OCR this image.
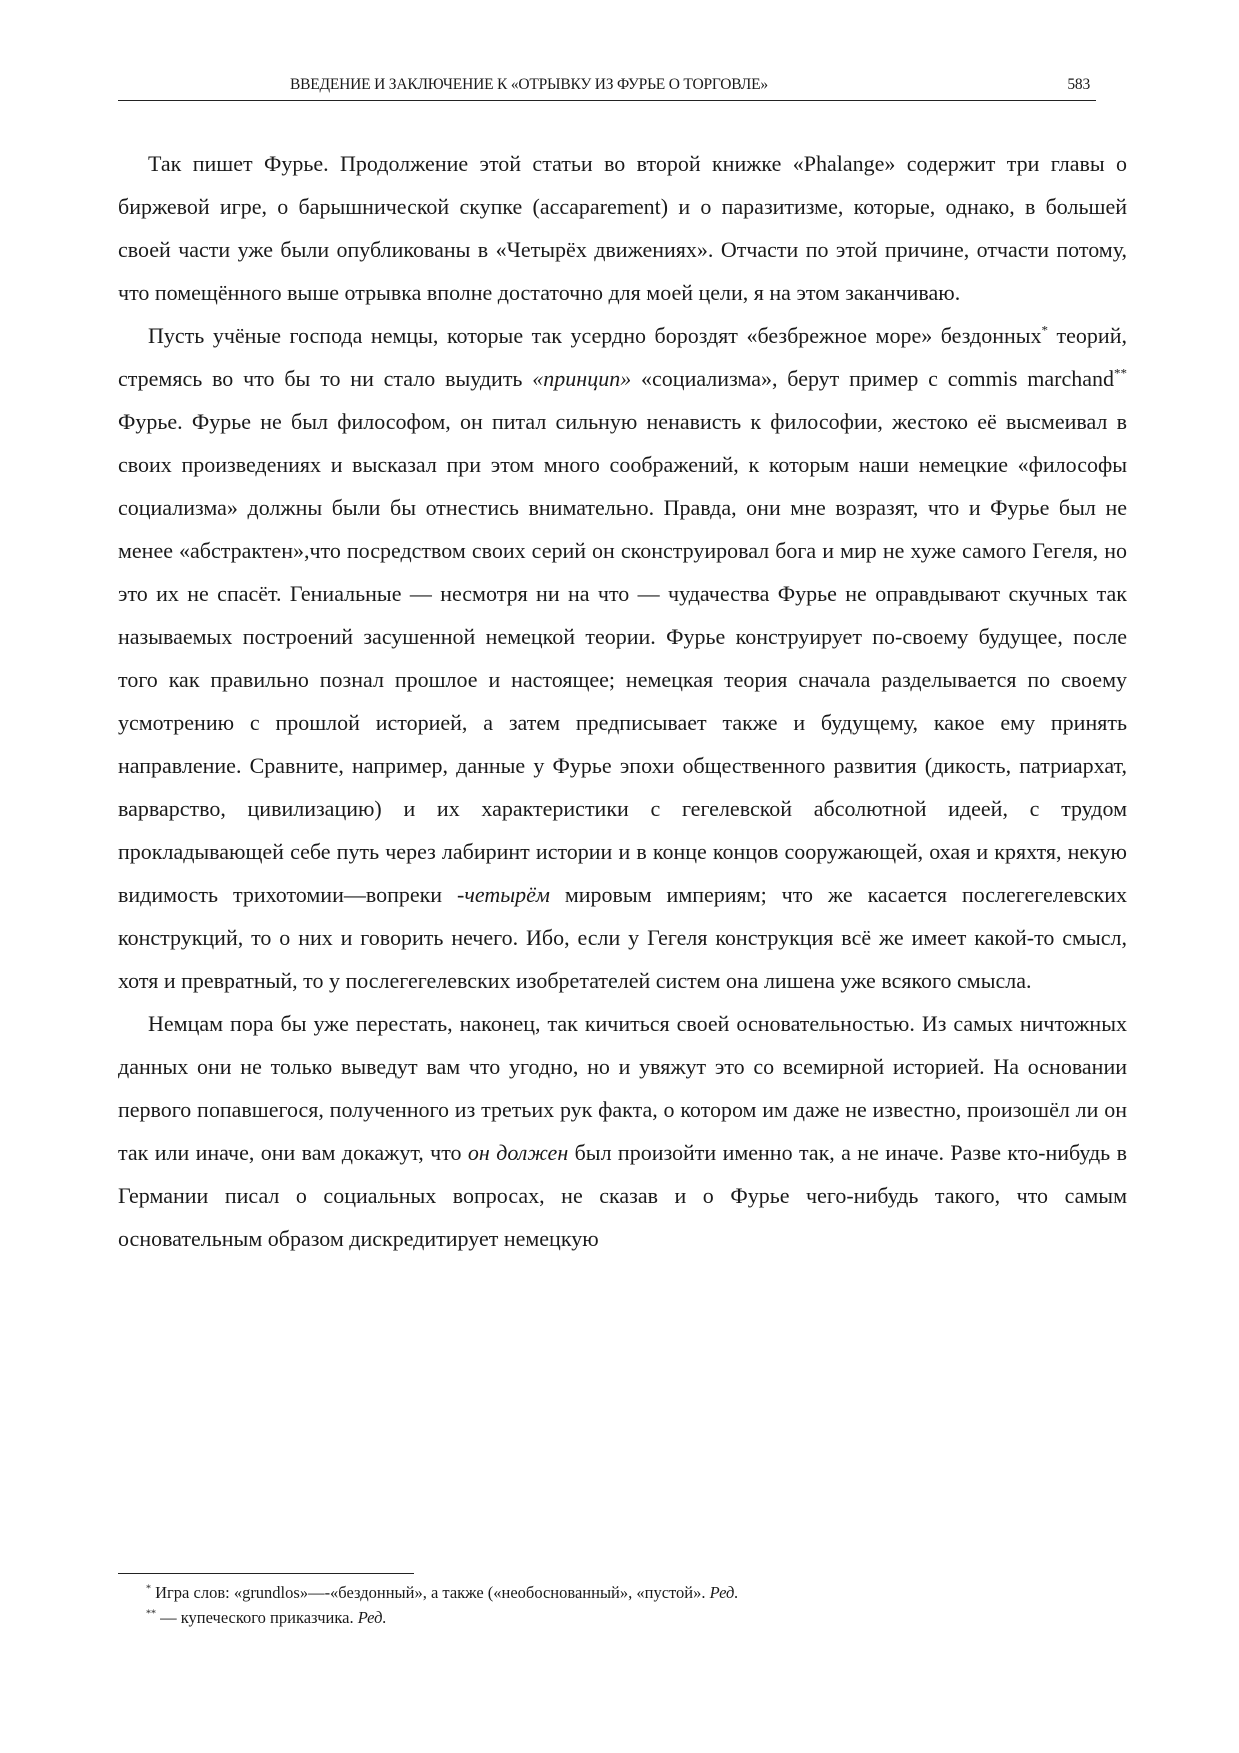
ВВЕДЕНИЕ И ЗАКЛЮЧЕНИЕ К «ОТРЫВКУ ИЗ ФУРЬЕ О ТОРГОВЛЕ»	583

Так пишет Фурье. Продолжение этой статьи во второй книжке «Phalange» содержит три главы о биржевой игре, о барышнической скупке (accaparement) и о паразитизме, которые, однако, в большей своей части уже были опубликованы в «Четырёх движениях». Отчасти по этой причине, отчасти потому, что помещённого выше отрывка вполне достаточно для моей цели, я на этом заканчиваю.

Пусть учёные господа немцы, которые так усердно бороздят «безбрежное море» бездонных* теорий, стремясь во что бы то ни стало выудить «принцип» «социализма», берут пример с commis marchand** Фурье. Фурье не был философом, он питал сильную ненависть к философии, жестоко её высмеивал в своих произведениях и высказал при этом много соображений, к которым наши немецкие «философы социализма» должны были бы отнестись внимательно. Правда, они мне возразят, что и Фурье был не менее «абстрактен»,что посредством своих серий он сконструировал бога и мир не хуже самого Гегеля, но это их не спасёт. Гениальные — несмотря ни на что — чудачества Фурье не оправдывают скучных так называемых построений засушенной немецкой теории. Фурье конструирует по-своему будущее, после того как правильно познал прошлое и настоящее; немецкая теория сначала разделывается по своему усмотрению с прошлой историей, а затем предписывает также и будущему, какое ему принять направление. Сравните, например, данные у Фурье эпохи общественного развития (дикость, патриархат, варварство, цивилизацию) и их характеристики с гегелевской абсолютной идеей, с трудом прокладывающей себе путь через лабиринт истории и в конце концов сооружающей, охая и кряхтя, некую видимость трихотомии—вопреки -четырём мировым империям; что же касается послегегелевских конструкций, то о них и говорить нечего. Ибо, если у Гегеля конструкция всё же имеет какой-то смысл, хотя и превратный, то у послегегелевских изобретателей систем она лишена уже всякого смысла.

Немцам пора бы уже перестать, наконец, так кичиться своей основательностью. Из самых ничтожных данных они не только выведут вам что угодно, но и увяжут это со всемирной историей. На основании первого попавшегося, полученного из третьих рук факта, о котором им даже не известно, произошёл ли он так или иначе, они вам докажут, что он должен был произойти именно так, а не иначе. Разве кто-нибудь в Германии писал о социальных вопросах, не сказав и о Фурье чего-нибудь такого, что самым основательным образом дискредитирует немецкую

* Игра слов: «grundlos»—-«бездонный», а также («необоснованный», «пустой». Ред.
** — купеческого приказчика. Ред.
